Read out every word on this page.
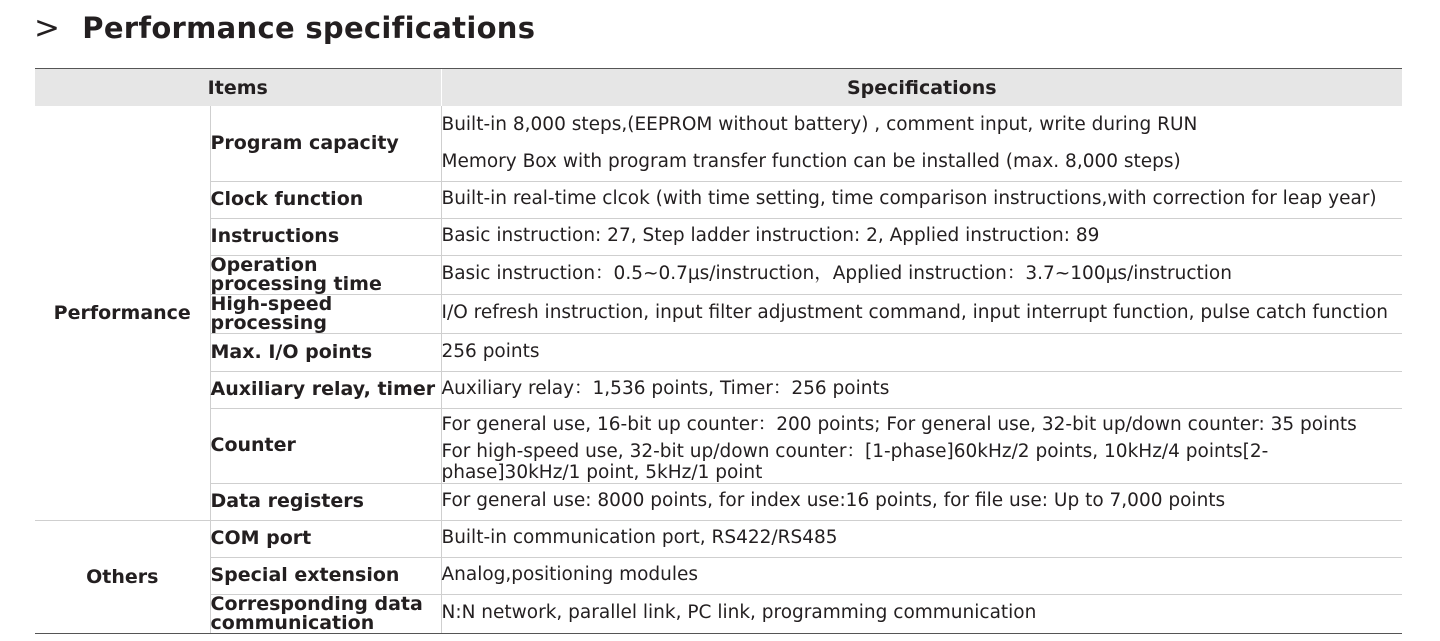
> Performance specifications
Items		Specifications
Performance	Program capacity	Built-in 8,000 steps,(EEPROM without battery) , comment input, write during RUN
Memory Box with program transfer function can be installed (max. 8,000 steps)

	Clock function	Built-in real-time clcok (with time setting, time comparison instructions,with correction for leap year)
	Instructions	Basic instruction: 27, Step ladder instruction: 2, Applied instruction: 89
	Operation processing time	Basic instruction：0.5~0.7μs/instruction，Applied instruction：3.7~100μs/instruction
	High-speed processing	I/O refresh instruction, input filter adjustment command, input interrupt function, pulse catch function
	Max. I/O points	256 points
	Auxiliary relay, timer	Auxiliary relay：1,536 points, Timer：256 points
	Counter	For general use, 16-bit up counter：200 points; For general use, 32-bit up/down counter: 35 points
For high-speed use, 32-bit up/down counter：[1-phase]60kHz/2 points, 10kHz/4 points[2-phase]30kHz/1 point, 5kHz/1 point

	Data registers	For general use: 8000 points, for index use:16 points, for file use: Up to 7,000 points
Others	COM port	Built-in communication port, RS422/RS485
	Special extension	Analog,positioning modules
	Corresponding data communication	N:N network, parallel link, PC link, programming communication
